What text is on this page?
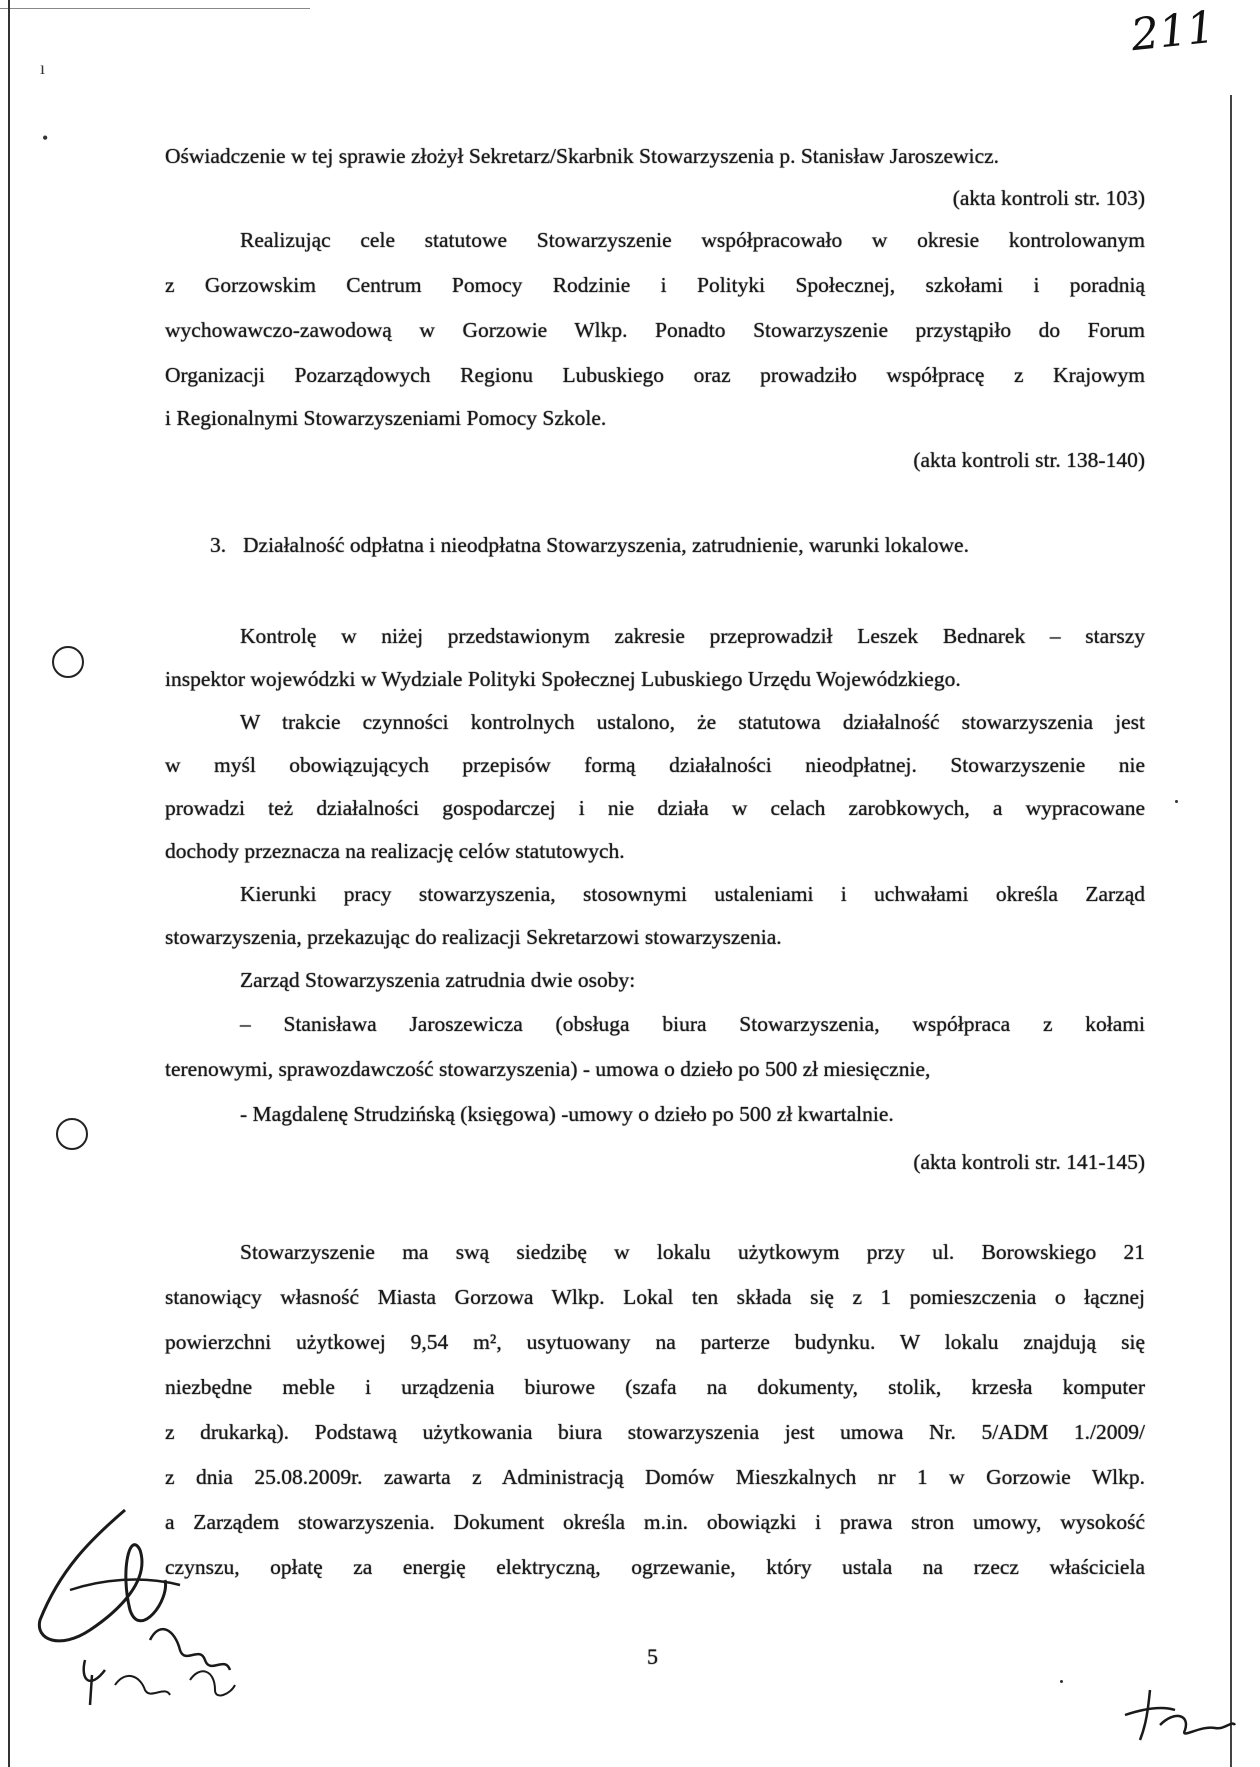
211
ı
•
Oświadczenie w tej sprawie złożył Sekretarz/Skarbnik Stowarzyszenia p. Stanisław Jaroszewicz.
(akta kontroli str. 103)
Realizując cele statutowe Stowarzyszenie współpracowało w okresie kontrolowanym
z Gorzowskim Centrum Pomocy Rodzinie i Polityki Społecznej, szkołami i poradnią
wychowawczo-zawodową w Gorzowie Wlkp. Ponadto Stowarzyszenie przystąpiło do Forum
Organizacji Pozarządowych Regionu Lubuskiego oraz prowadziło współpracę z Krajowym
i Regionalnymi Stowarzyszeniami Pomocy Szkole.
(akta kontroli str. 138-140)
Kontrolę w niżej przedstawionym zakresie przeprowadził Leszek Bednarek – starszy
inspektor wojewódzki w Wydziale Polityki Społecznej Lubuskiego Urzędu Wojewódzkiego.
W trakcie czynności kontrolnych ustalono, że statutowa działalność stowarzyszenia jest
w myśl obowiązujących przepisów formą działalności nieodpłatnej. Stowarzyszenie nie
prowadzi też działalności gospodarczej i nie działa w celach zarobkowych, a wypracowane
dochody przeznacza na realizację celów statutowych.
Kierunki pracy stowarzyszenia, stosownymi ustaleniami i uchwałami określa Zarząd
stowarzyszenia, przekazując do realizacji Sekretarzowi stowarzyszenia.
Zarząd Stowarzyszenia zatrudnia dwie osoby:
– Stanisława Jaroszewicza (obsługa biura Stowarzyszenia, współpraca z kołami
terenowymi, sprawozdawczość stowarzyszenia) - umowa o dzieło po 500 zł miesięcznie,
- Magdalenę Strudzińską (księgowa) -umowy o dzieło po 500 zł kwartalnie.
(akta kontroli str. 141-145)
Stowarzyszenie ma swą siedzibę w lokalu użytkowym przy ul. Borowskiego 21
stanowiący własność Miasta Gorzowa Wlkp. Lokal ten składa się z 1 pomieszczenia o łącznej
powierzchni użytkowej 9,54 m², usytuowany na parterze budynku. W lokalu znajdują się
niezbędne meble i urządzenia biurowe (szafa na dokumenty, stolik, krzesła komputer
z drukarką). Podstawą użytkowania biura stowarzyszenia jest umowa Nr. 5/ADM 1./2009/
z dnia 25.08.2009r. zawarta z Administracją Domów Mieszkalnych nr 1 w Gorzowie Wlkp.
a Zarządem stowarzyszenia. Dokument określa m.in. obowiązki i prawa stron umowy, wysokość
czynszu, opłatę za energię elektryczną, ogrzewanie, który ustala na rzecz właściciela
3. Działalność odpłatna i nieodpłatna Stowarzyszenia, zatrudnienie, warunki lokalowe.
5
Ad/m
Da
